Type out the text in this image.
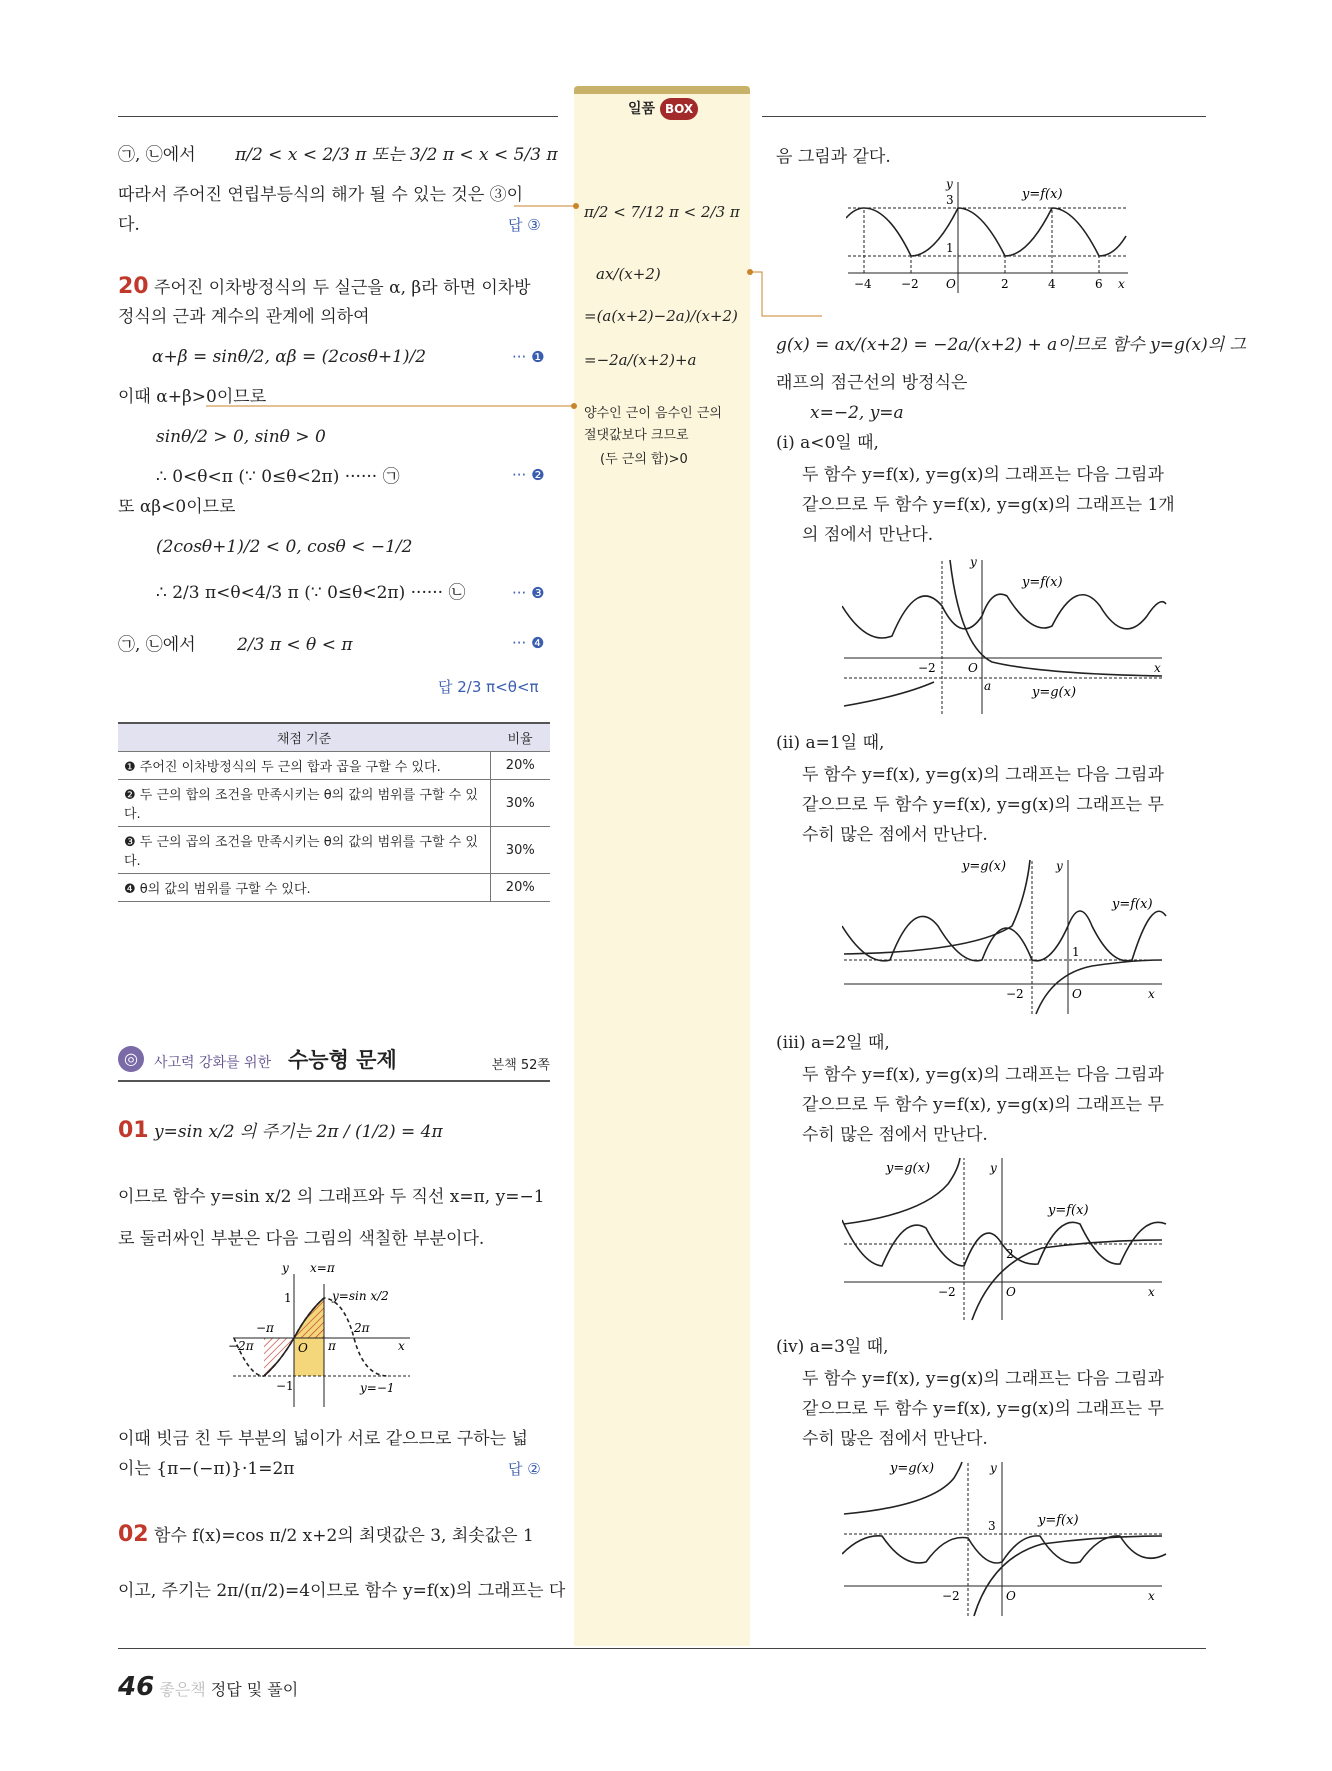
일품 BOX
㉠, ㉡에서 π/2 < x < 2/3 π 또는 3/2 π < x < 5/3 π
따라서 주어진 연립부등식의 해가 될 수 있는 것은 ③이
다.	답 ③
20 주어진 이차방정식의 두 실근을 α, β라 하면 이차방
정식의 근과 계수의 관계에 의하여
α+β = sinθ/2, αβ = (2cosθ+1)/2	··· ❶
이때 α+β>0이므로
sinθ/2 > 0, sinθ > 0
∴ 0<θ<π (∵ 0≤θ<2π) ······ ㉠	··· ❷
또 αβ<0이므로
(2cosθ+1)/2 < 0, cosθ < −1/2
∴ 2/3 π<θ<4/3 π (∵ 0≤θ<2π) ······ ㉡	··· ❸
㉠, ㉡에서 2/3 π < θ < π	··· ❹
답 2/3 π<θ<π
채점 기준	비율
❶ 주어진 이차방정식의 두 근의 합과 곱을 구할 수 있다.	20%
❷ 두 근의 합의 조건을 만족시키는 θ의 값의 범위를 구할 수 있다.	30%
❸ 두 근의 곱의 조건을 만족시키는 θ의 값의 범위를 구할 수 있다.	30%
❹ θ의 값의 범위를 구할 수 있다.	20%
◎	사고력 강화를 위한 수능형 문제	본책 52쪽
01 y=sin x/2 의 주기는 2π / (1/2) = 4π
이므로 함수 y=sin x/2 의 그래프와 두 직선 x=π, y=−1
로 둘러싸인 부분은 다음 그림의 색칠한 부분이다.
y x=π
y=sin x/2
1
−1
−π
−2π	O π
2π
x
y=−1
이때 빗금 친 두 부분의 넓이가 서로 같으므로 구하는 넓
이는 {π−(−π)}·1=2π	답 ②
02 함수 f(x)=cos π/2 x+2의 최댓값은 3, 최솟값은 1
이고, 주기는 2π/(π/2)=4이므로 함수 y=f(x)의 그래프는 다
π/2 < 7/12 π < 2/3 π
ax/(x+2)
=(a(x+2)−2a)/(x+2)
=−2a/(x+2)+a
양수인 근이 음수인 근의
절댓값보다 크므로
(두 근의 합)>0
음 그림과 같다.
y
y=f(x)
3
1
−4 −2 O	2	4	6 x
g(x) = ax/(x+2) = −2a/(x+2) + a이므로 함수 y=g(x)의 그
래프의 점근선의 방정식은
x=−2, y=a
(ⅰ) a<0일 때,
두 함수 y=f(x), y=g(x)의 그래프는 다음 그림과
같으므로 두 함수 y=f(x), y=g(x)의 그래프는 1개
의 점에서 만난다.
y
y=f(x)
−2	O
a
x
y=g(x)
(ⅱ) a=1일 때,
두 함수 y=f(x), y=g(x)의 그래프는 다음 그림과
같으므로 두 함수 y=f(x), y=g(x)의 그래프는 무
수히 많은 점에서 만난다.
y=g(x)	y
y=f(x)
1
−2	O	x
(ⅲ) a=2일 때,
두 함수 y=f(x), y=g(x)의 그래프는 다음 그림과
같으므로 두 함수 y=f(x), y=g(x)의 그래프는 무
수히 많은 점에서 만난다.
y=g(x)	y
y=f(x)
2
−2	O	x
(ⅳ) a=3일 때,
두 함수 y=f(x), y=g(x)의 그래프는 다음 그림과
같으므로 두 함수 y=f(x), y=g(x)의 그래프는 무
수히 많은 점에서 만난다.
y=g(x)	y
y=f(x)
3
−2	O	x
46 좋은책 정답 및 풀이
